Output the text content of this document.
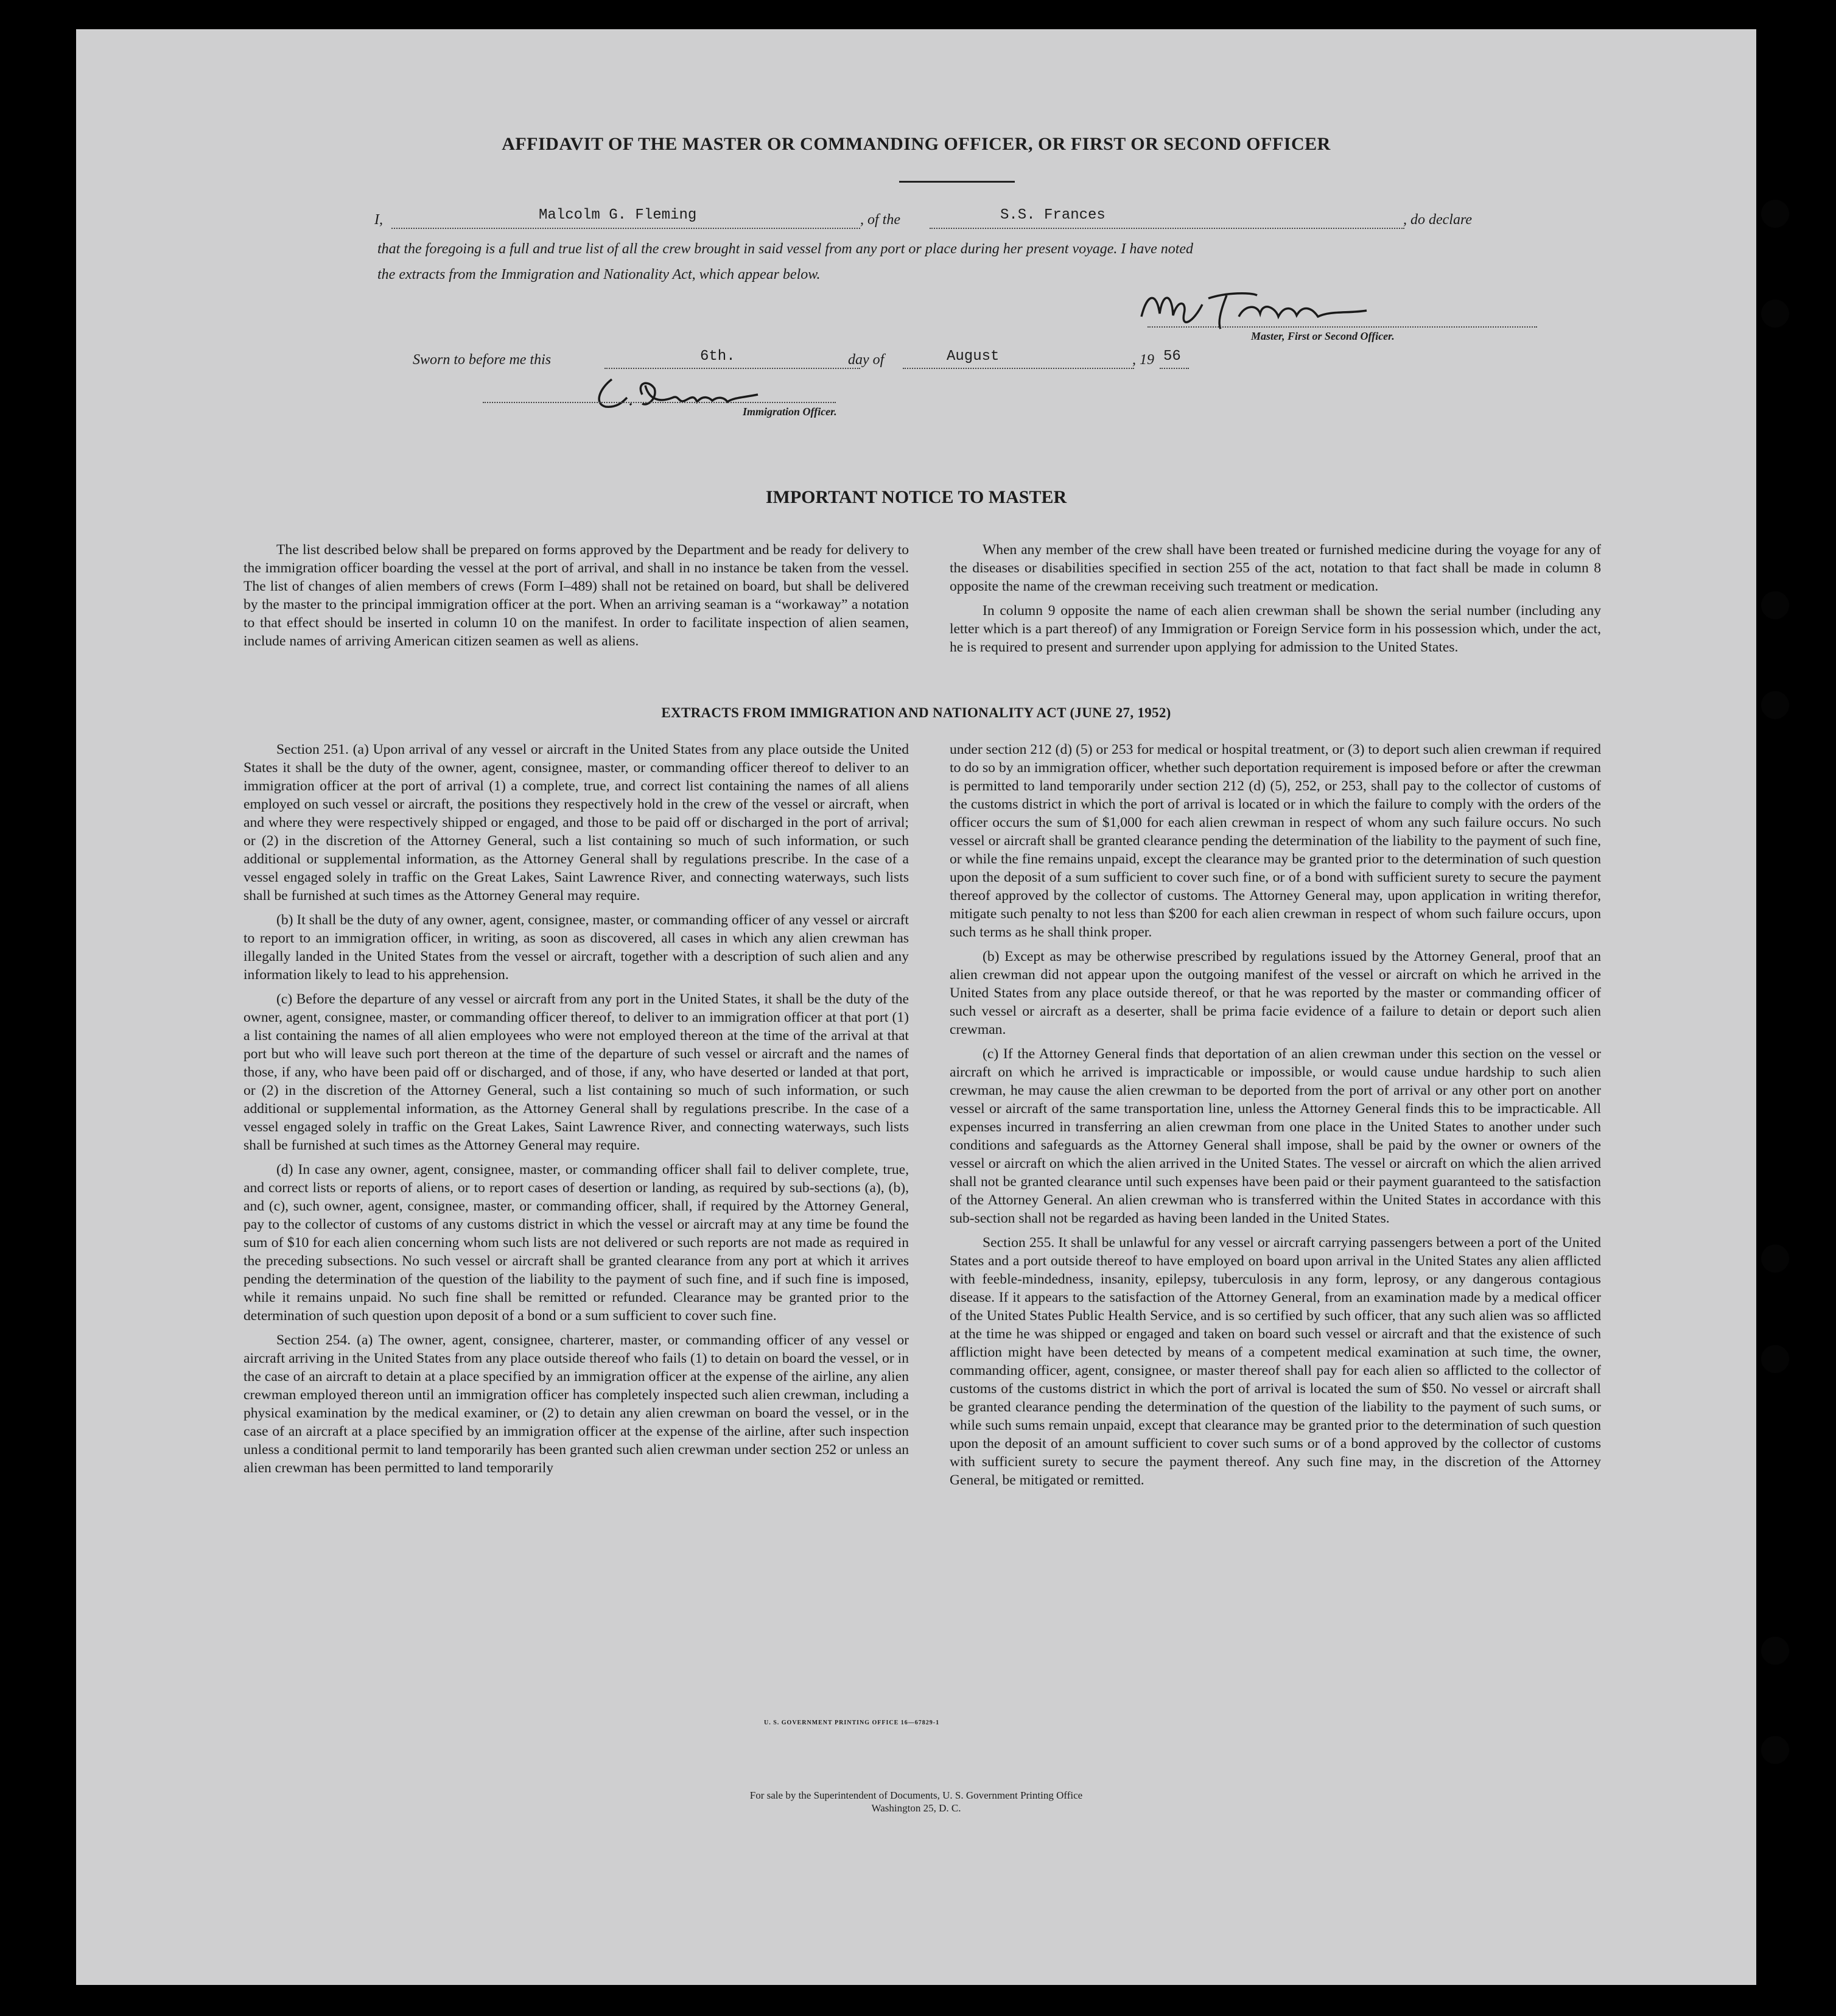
AFFIDAVIT OF THE MASTER OR COMMANDING OFFICER, OR FIRST OR SECOND OFFICER
I,	Malcolm G. Fleming	, of the	S.S. Frances	, do declare
that the foregoing is a full and true list of all the crew brought in said vessel from any port or place during her present voyage. I have noted
the extracts from the Immigration and Nationality Act, which appear below.
Master, First or Second Officer.
Sworn to before me this	6th.	day of	August	, 19 56
Immigration Officer.
IMPORTANT NOTICE TO MASTER

The list described below shall be prepared on forms approved by the Department and be ready for delivery to the immigration officer boarding the vessel at the port of arrival, and shall in no instance be taken from the vessel. The list of changes of alien members of crews (Form I–489) shall not be retained on board, but shall be delivered by the master to the principal immigration officer at the port. When an arriving seaman is a “workaway” a notation to that effect should be inserted in column 10 on the manifest. In order to facilitate inspection of alien seamen, include names of arriving American citizen seamen as well as aliens.

When any member of the crew shall have been treated or furnished medicine during the voyage for any of the diseases or disabilities specified in section 255 of the act, notation to that fact shall be made in column 8 opposite the name of the crewman receiving such treatment or medication.

In column 9 opposite the name of each alien crewman shall be shown the serial number (including any letter which is a part thereof) of any Immigration or Foreign Service form in his possession which, under the act, he is required to present and surrender upon applying for admission to the United States.

EXTRACTS FROM IMMIGRATION AND NATIONALITY ACT (JUNE 27, 1952)

Section 251. (a) Upon arrival of any vessel or aircraft in the United States from any place outside the United States it shall be the duty of the owner, agent, consignee, master, or commanding officer thereof to deliver to an immigration officer at the port of arrival (1) a complete, true, and correct list containing the names of all aliens employed on such vessel or aircraft, the positions they respectively hold in the crew of the vessel or aircraft, when and where they were respectively shipped or engaged, and those to be paid off or discharged in the port of arrival; or (2) in the discretion of the Attorney General, such a list containing so much of such information, or such additional or supplemental information, as the Attorney General shall by regulations prescribe. In the case of a vessel engaged solely in traffic on the Great Lakes, Saint Lawrence River, and connecting waterways, such lists shall be furnished at such times as the Attorney General may require.

(b) It shall be the duty of any owner, agent, consignee, master, or commanding officer of any vessel or aircraft to report to an immigration officer, in writing, as soon as discovered, all cases in which any alien crewman has illegally landed in the United States from the vessel or aircraft, together with a description of such alien and any information likely to lead to his apprehension.

(c) Before the departure of any vessel or aircraft from any port in the United States, it shall be the duty of the owner, agent, consignee, master, or commanding officer thereof, to deliver to an immigration officer at that port (1) a list containing the names of all alien employees who were not employed thereon at the time of the arrival at that port but who will leave such port thereon at the time of the departure of such vessel or aircraft and the names of those, if any, who have been paid off or discharged, and of those, if any, who have deserted or landed at that port, or (2) in the discretion of the Attorney General, such a list containing so much of such information, or such additional or supplemental information, as the Attorney General shall by regulations prescribe. In the case of a vessel engaged solely in traffic on the Great Lakes, Saint Lawrence River, and connecting waterways, such lists shall be furnished at such times as the Attorney General may require.

(d) In case any owner, agent, consignee, master, or commanding officer shall fail to deliver complete, true, and correct lists or reports of aliens, or to report cases of desertion or landing, as required by sub-sections (a), (b), and (c), such owner, agent, consignee, master, or commanding officer, shall, if required by the Attorney General, pay to the collector of customs of any customs district in which the vessel or aircraft may at any time be found the sum of $10 for each alien concerning whom such lists are not delivered or such reports are not made as required in the preceding subsections. No such vessel or aircraft shall be granted clearance from any port at which it arrives pending the determination of the question of the liability to the payment of such fine, and if such fine is imposed, while it remains unpaid. No such fine shall be remitted or refunded. Clearance may be granted prior to the determination of such question upon deposit of a bond or a sum sufficient to cover such fine.

Section 254. (a) The owner, agent, consignee, charterer, master, or commanding officer of any vessel or aircraft arriving in the United States from any place outside thereof who fails (1) to detain on board the vessel, or in the case of an aircraft to detain at a place specified by an immigration officer at the expense of the airline, any alien crewman employed thereon until an immigration officer has completely inspected such alien crewman, including a physical examination by the medical examiner, or (2) to detain any alien crewman on board the vessel, or in the case of an aircraft at a place specified by an immigration officer at the expense of the airline, after such inspection unless a conditional permit to land temporarily has been granted such alien crewman under section 252 or unless an alien crewman has been permitted to land temporarily

under section 212 (d) (5) or 253 for medical or hospital treatment, or (3) to deport such alien crewman if required to do so by an immigration officer, whether such deportation requirement is imposed before or after the crewman is permitted to land temporarily under section 212 (d) (5), 252, or 253, shall pay to the collector of customs of the customs district in which the port of arrival is located or in which the failure to comply with the orders of the officer occurs the sum of $1,000 for each alien crewman in respect of whom any such failure occurs. No such vessel or aircraft shall be granted clearance pending the determination of the liability to the payment of such fine, or while the fine remains unpaid, except the clearance may be granted prior to the determination of such question upon the deposit of a sum sufficient to cover such fine, or of a bond with sufficient surety to secure the payment thereof approved by the collector of customs. The Attorney General may, upon application in writing therefor, mitigate such penalty to not less than $200 for each alien crewman in respect of whom such failure occurs, upon such terms as he shall think proper.

(b) Except as may be otherwise prescribed by regulations issued by the Attorney General, proof that an alien crewman did not appear upon the outgoing manifest of the vessel or aircraft on which he arrived in the United States from any place outside thereof, or that he was reported by the master or commanding officer of such vessel or aircraft as a deserter, shall be prima facie evidence of a failure to detain or deport such alien crewman.

(c) If the Attorney General finds that deportation of an alien crewman under this section on the vessel or aircraft on which he arrived is impracticable or impossible, or would cause undue hardship to such alien crewman, he may cause the alien crewman to be deported from the port of arrival or any other port on another vessel or aircraft of the same transportation line, unless the Attorney General finds this to be impracticable. All expenses incurred in transferring an alien crewman from one place in the United States to another under such conditions and safeguards as the Attorney General shall impose, shall be paid by the owner or owners of the vessel or aircraft on which the alien arrived in the United States. The vessel or aircraft on which the alien arrived shall not be granted clearance until such expenses have been paid or their payment guaranteed to the satisfaction of the Attorney General. An alien crewman who is transferred within the United States in accordance with this sub-section shall not be regarded as having been landed in the United States.

Section 255. It shall be unlawful for any vessel or aircraft carrying passengers between a port of the United States and a port outside thereof to have employed on board upon arrival in the United States any alien afflicted with feeble-mindedness, insanity, epilepsy, tuberculosis in any form, leprosy, or any dangerous contagious disease. If it appears to the satisfaction of the Attorney General, from an examination made by a medical officer of the United States Public Health Service, and is so certified by such officer, that any such alien was so afflicted at the time he was shipped or engaged and taken on board such vessel or aircraft and that the existence of such affliction might have been detected by means of a competent medical examination at such time, the owner, commanding officer, agent, consignee, or master thereof shall pay for each alien so afflicted to the collector of customs of the customs district in which the port of arrival is located the sum of $50. No vessel or aircraft shall be granted clearance pending the determination of the question of the liability to the payment of such sums, or while such sums remain unpaid, except that clearance may be granted prior to the determination of such question upon the deposit of an amount sufficient to cover such sums or of a bond approved by the collector of customs with sufficient surety to secure the payment thereof. Any such fine may, in the discretion of the Attorney General, be mitigated or remitted.

U. S. GOVERNMENT PRINTING OFFICE 16—67829-1
For sale by the Superintendent of Documents, U. S. Government Printing Office
Washington 25, D. C.
